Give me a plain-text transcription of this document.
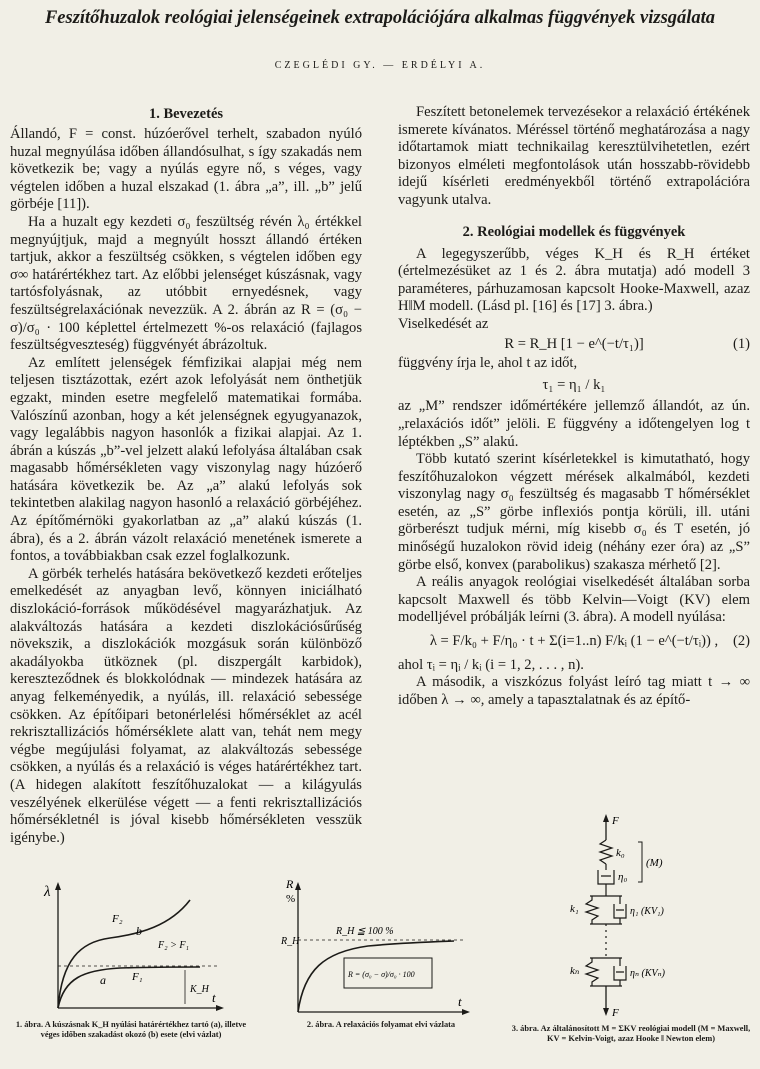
Feszítőhuzalok reológiai jelenségeinek extrapolációjára alkalmas függvények vizsgálata
CZEGLÉDI GY. — ERDÉLYI A.
1. Bevezetés

Állandó, F = const. húzóerővel terhelt, szabadon nyúló huzal megnyúlása időben állandósulhat, s így szakadás nem következik be; vagy a nyúlás egyre nő, s véges, vagy végtelen időben a huzal elszakad (1. ábra „a”, ill. „b” jelű görbéje [11]).

Ha a huzalt egy kezdeti σ₀ feszültség révén λ₀ értékkel megnyújtjuk, majd a megnyúlt hosszt állandó értéken tartjuk, akkor a feszültség csökken, s végtelen időben egy σ∞ határértékhez tart. Az előbbi jelenséget kúszásnak, vagy tartósfolyásnak, az utóbbit ernyedésnek, vagy feszültségrelaxációnak nevezzük. A 2. ábrán az R = (σ₀ − σ)/σ₀ · 100 képlettel értelmezett %-os relaxáció (fajlagos feszültségveszteség) függvényét ábrázoltuk.

Az említett jelenségek fémfizikai alapjai még nem teljesen tisztázottak, ezért azok lefolyását nem önthetjük egzakt, minden esetre megfelelő matematikai formába. Valószínű azonban, hogy a két jelenségnek egyugyanazok, vagy legalábbis nagyon hasonlók a fizikai alapjai. Az 1. ábrán a kúszás „b”-vel jelzett alakú lefolyása általában csak magasabb hőmérsékleten vagy viszonylag nagy húzóerő hatására következik be. Az „a” alakú lefolyás sok tekintetben alakilag nagyon hasonló a relaxáció görbéjéhez. Az építőmérnöki gyakorlatban az „a” alakú kúszás (1. ábra), és a 2. ábrán vázolt relaxáció menetének ismerete a fontos, a továbbiakban csak ezzel foglalkozunk.

A görbék terhelés hatására bekövetkező kezdeti erőteljes emelkedését az anyagban levő, könnyen iniciálható diszlokáció-források működésével magyarázhatjuk. Az alakváltozás hatására a kezdeti diszlokációsűrűség növekszik, a diszlokációk mozgásuk során különböző akadályokba ütköznek (pl. diszpergált karbidok), kereszteződnek és blokkolódnak — mindezek hatására az anyag felkeményedik, a nyúlás, ill. relaxáció sebessége csökken. Az építőipari betonérlelési hőmérséklet az acél rekrisztallizációs hőmérséklete alatt van, tehát nem megy végbe megújulási folyamat, az alakváltozás sebessége csökken, a nyúlás és a relaxáció is véges határértékhez tart. (A hidegen alakított feszítőhuzalokat — a kilágyulás veszélyének elkerülése végett — a fenti rekrisztallizációs hőmérsékletnél is jóval kisebb hőmérsékleten vesszük igénybe.)

Feszített betonelemek tervezésekor a relaxáció értékének ismerete kívánatos. Méréssel történő meghatározása a nagy időtartamok miatt technikailag keresztülvihetetlen, ezért bizonyos elméleti megfontolások után hosszabb-rövidebb idejű kísérleti eredményekből történő extrapolációra vagyunk utalva.

2. Reológiai modellek és függvények

A legegyszerűbb, véges K_H és R_H értéket (értelmezésüket az 1 és 2. ábra mutatja) adó modell 3 paraméteres, párhuzamosan kapcsolt Hooke-Maxwell, azaz H‖M modell. (Lásd pl. [16] és [17] 3. ábra.)

Viselkedését az

R = R_H [1 − e^(−t/τ₁)]	(1)

függvény írja le, ahol t az időt,

τ₁ = η₁ / k₁

az „M” rendszer időmértékére jellemző állandót, az ún. „relaxációs időt” jelöli. E függvény a időtengelyen log t léptékben „S” alakú.

Több kutató szerint kísérletekkel is kimutatható, hogy feszítőhuzalokon végzett mérések alkalmából, kezdeti viszonylag nagy σ₀ feszültség és magasabb T hőmérséklet esetén, az „S” görbe inflexiós pontja körüli, ill. utáni görberészt tudjuk mérni, míg kisebb σ₀ és T esetén, jó minőségű huzalokon rövid ideig (néhány ezer óra) az „S” görbe első, konvex (parabolikus) szakasza mérhető [2].

A reális anyagok reológiai viselkedését általában sorba kapcsolt Maxwell és több Kelvin—Voigt (KV) elem modelljével próbálják leírni (3. ábra). A modell nyúlása:

λ = F/k₀ + F/η₀ · t + Σ(i=1..n) F/kᵢ (1 − e^(−t/τᵢ)) , (2)

ahol τᵢ = ηᵢ / kᵢ (i = 1, 2, . . . , n).

A második, a viszkózus folyást leíró tag miatt t → ∞ időben λ → ∞, amely a tapasztalatnak és az építő-

λ
F₂
b
F₂ > F₁
a F₁
K_H
t
1. ábra. A kúszásnak K_H nyúlási határértékhez tartó (a), illetve véges időben szakadást okozó (b) esete (elvi vázlat)
R
%
R_H
R_H ≦ 100 %
R = (σ₀ − σ)/σ₀ · 100
t
2. ábra. A relaxációs folyamat elvi vázlata
F
k₀
η₀
(M)
k₁	η₁ (KV₁)
kₙ	ηₙ (KVₙ)
F
3. ábra. Az általánosított M = ΣKV reológiai modell (M = Maxwell, KV = Kelvin-Voigt, azaz Hooke ‖ Newton elem)
